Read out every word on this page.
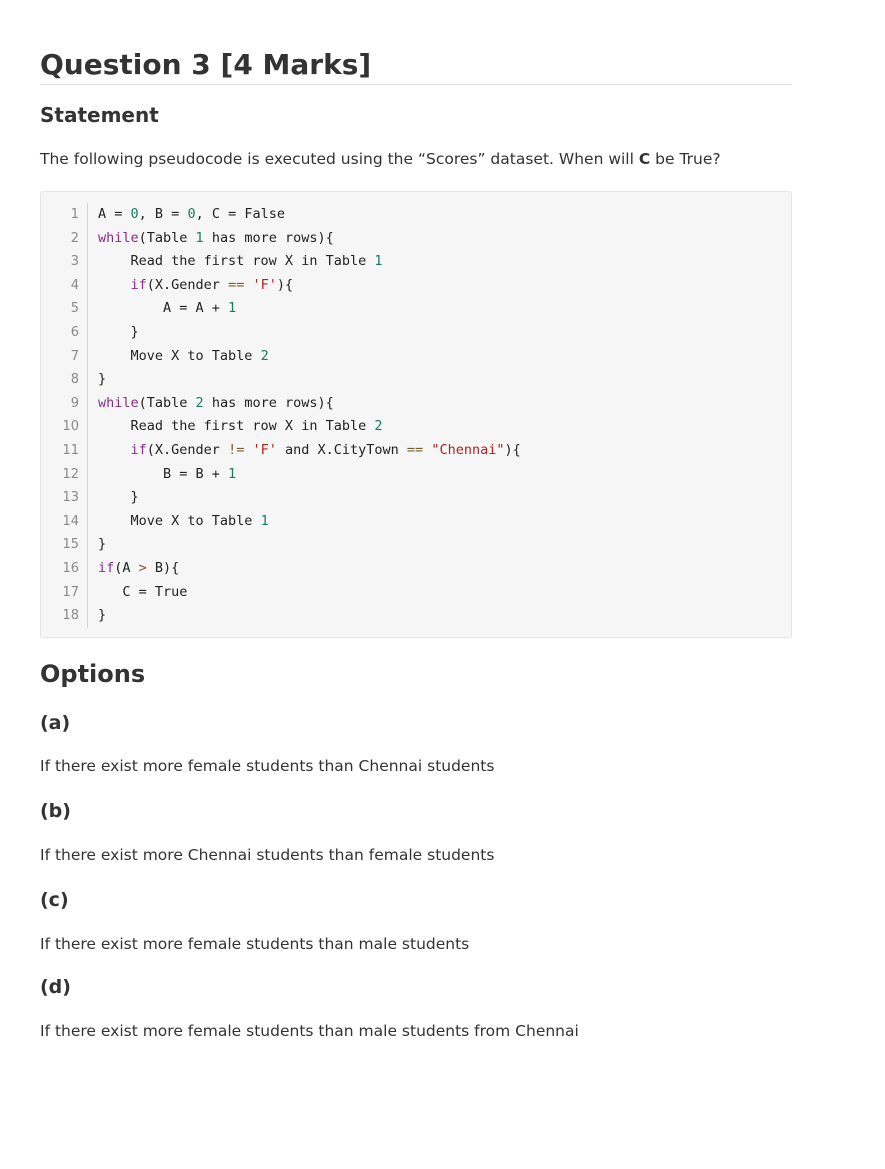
Question 3 [4 Marks]
Statement

The following pseudocode is executed using the “Scores” dataset. When will C be True?

1
2
3
4
5
6
7
8
9
10
11
12
13
14
15
16
17
18
A = 0, B = 0, C = False
while(Table 1 has more rows){
Read the first row X in Table 1
if(X.Gender == 'F'){
A = A + 1
}
Move X to Table 2
}
while(Table 2 has more rows){
Read the first row X in Table 2
if(X.Gender != 'F' and X.CityTown == "Chennai"){
B = B + 1
}
Move X to Table 1
}
if(A > B){
C = True
}
Options
(a)

If there exist more female students than Chennai students

(b)

If there exist more Chennai students than female students

(c)

If there exist more female students than male students

(d)

If there exist more female students than male students from Chennai
